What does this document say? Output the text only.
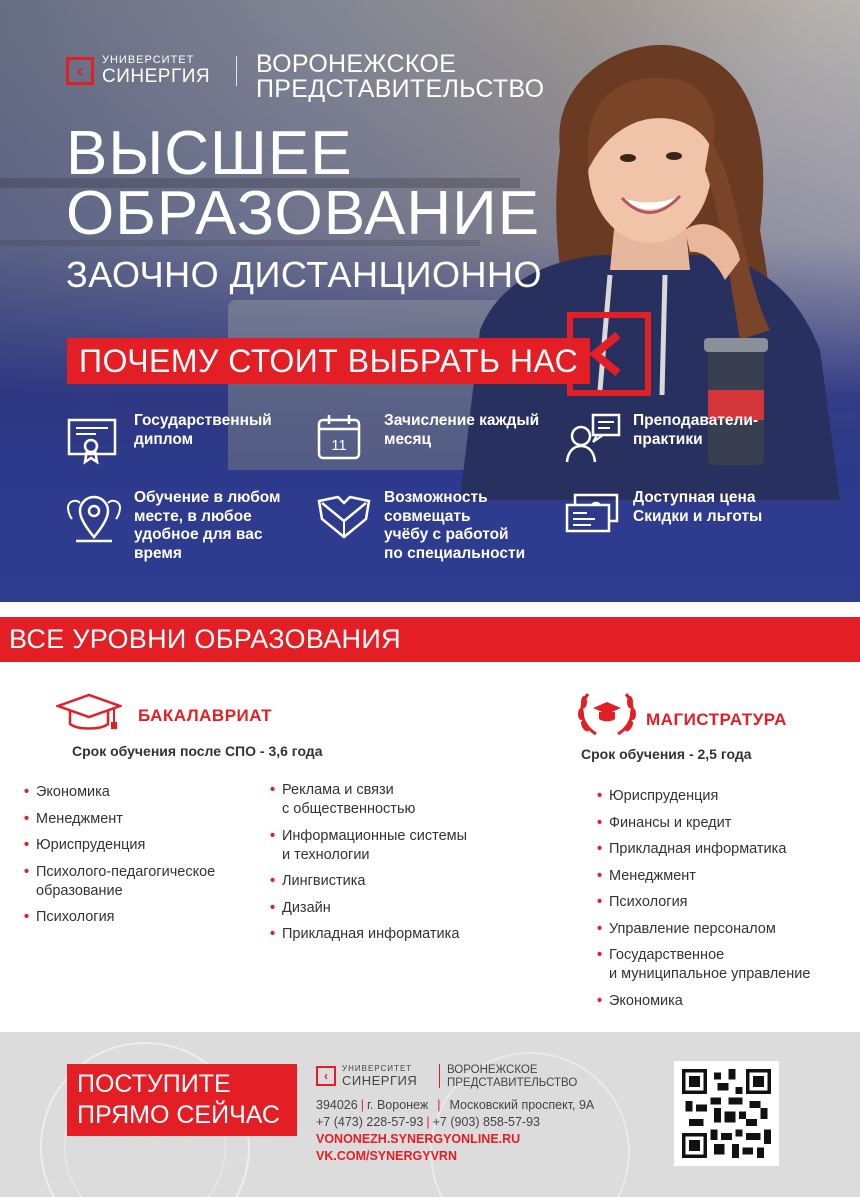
‹
УНИВЕРСИТЕТ
СИНЕРГИЯ ВОРОНЕЖСКОЕ
ПРЕДСТАВИТЕЛЬСТВО
ВЫСШЕЕ
ОБРАЗОВАНИЕ
ЗАОЧНО ДИСТАНЦИОННО
ПОЧЕМУ СТОИТ ВЫБРАТЬ НАС
Государственный
диплом	11
Зачисление каждый
месяц
Преподаватели-
практики
Обучение в любом
месте, в любое
удобное для вас
время
Возможность
совмещать
учёбу с работой
по специальности
Доступная цена
Скидки и льготы
ВСЕ УРОВНИ ОБРАЗОВАНИЯ
БАКАЛАВРИАТ
Срок обучения после СПО - 3,6 года
• Экономика
• Менеджмент
• Юриспруденция
• Психолого-педагогическое
образование
• Психология
• Реклама и связи
с общественностью
• Информационные системы
и технологии
• Лингвистика
• Дизайн
• Прикладная информатика
МАГИСТРАТУРА
Срок обучения - 2,5 года
• Юриспруденция
• Финансы и кредит
• Прикладная информатика
• Менеджмент
• Психология
• Управление персоналом
• Государственное
и муниципальное управление
• Экономика
ПОСТУПИТЕ
ПРЯМО СЕЙЧАС
‹
УНИВЕРСИТЕТ
СИНЕРГИЯ
ВОРОНЕЖСКОЕ
ПРЕДСТАВИТЕЛЬСТВО
394026 | г. Воронеж | Московский проспект, 9А
+7 (473) 228-57-93 | +7 (903) 858-57-93
VONONEZH.SYNERGYONLINE.RU
VK.COM/SYNERGYVRN
